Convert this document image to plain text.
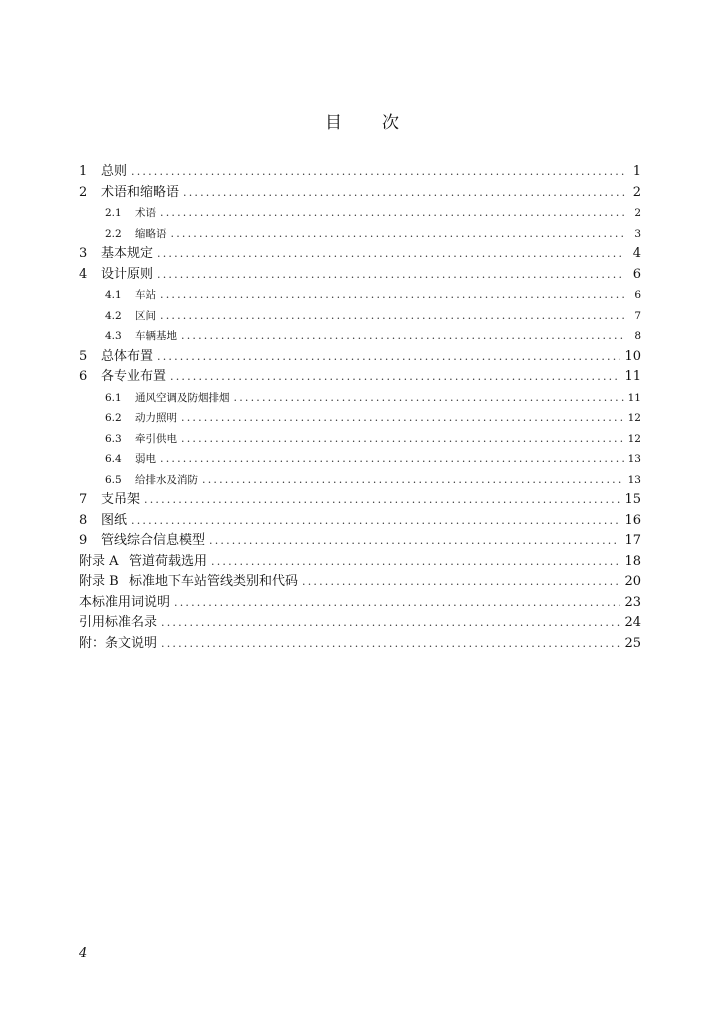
目 次
1	总则 .....	1
2	术语和缩略语 .....	2
2.1	术语 .....	2
2.2	缩略语 .....	3
3	基本规定 .....	4
4	设计原则 .....	6
4.1	车站 .....	6
4.2	区间 .....	7
4.3	车辆基地 .....	8
5	总体布置 .....	10
6	各专业布置 .....	11
6.1	通风空调及防烟排烟 .....	11
6.2	动力照明 .....	12
6.3	牵引供电 .....	12
6.4	弱电 .....	13
6.5	给排水及消防 .....	13
7	支吊架 .....	15
8	图纸 .....	16
9	管线综合信息模型 .....	17
附录 A 管道荷载选用 .....	18
附录 B 标准地下车站管线类别和代码 .....	20
本标准用词说明 .....	23
引用标准名录 .....	24
附：条文说明 .....	25
4
